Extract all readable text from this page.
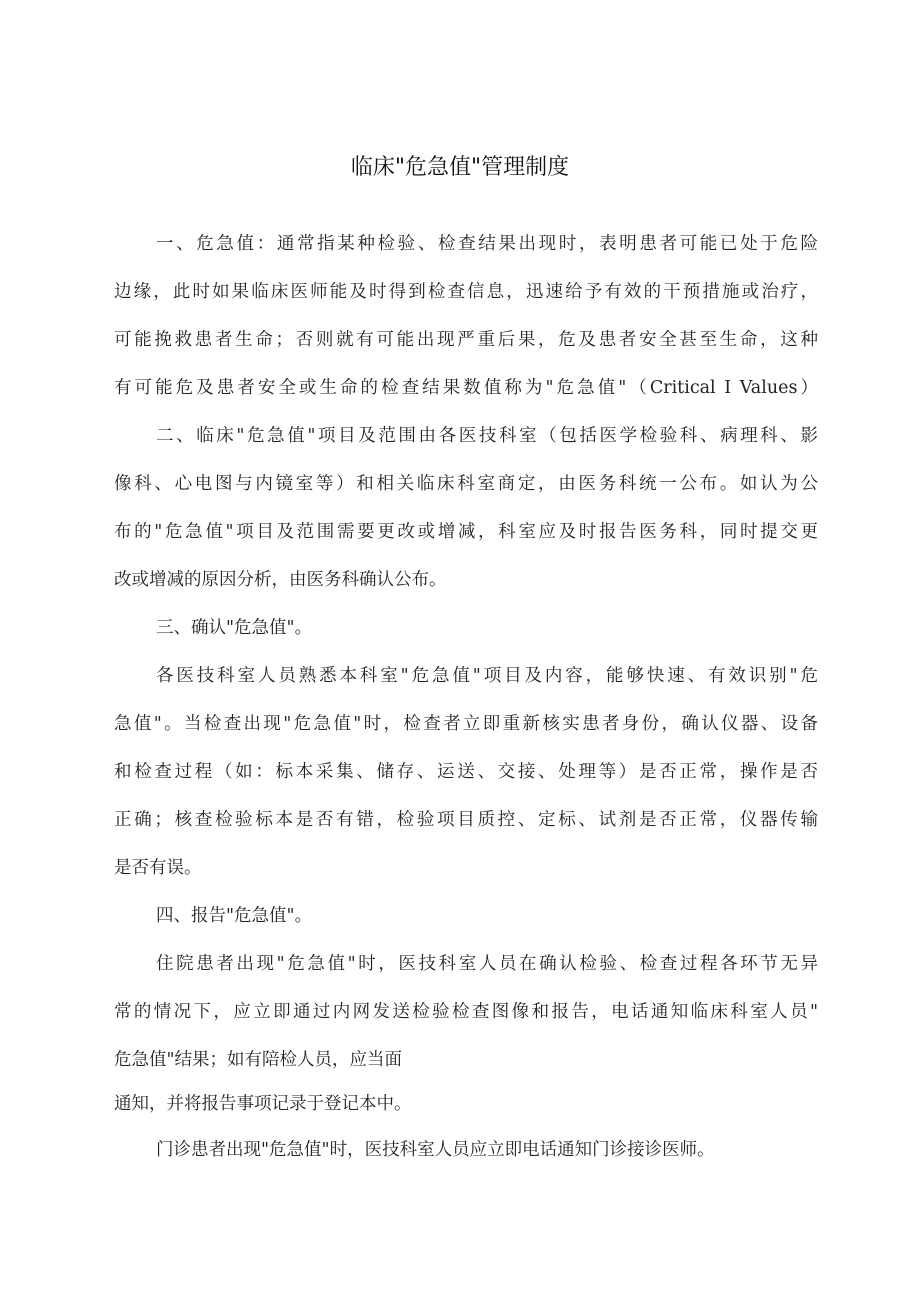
临床"危急值"管理制度
一、危急值：通常指某种检验、检查结果出现时，表明患者可能已处于危险
边缘，此时如果临床医师能及时得到检查信息，迅速给予有效的干预措施或治疗，
可能挽救患者生命；否则就有可能出现严重后果，危及患者安全甚至生命，这种
有可能危及患者安全或生命的检查结果数值称为"危急值"（Critical I Values）
二、临床"危急值"项目及范围由各医技科室（包括医学检验科、病理科、影
像科、心电图与内镜室等）和相关临床科室商定，由医务科统一公布。如认为公
布的"危急值"项目及范围需要更改或增减，科室应及时报告医务科，同时提交更
改或增减的原因分析，由医务科确认公布。
三、确认"危急值"。
各医技科室人员熟悉本科室"危急值"项目及内容，能够快速、有效识别"危
急值"。当检查出现"危急值"时，检查者立即重新核实患者身份，确认仪器、设备
和检查过程（如：标本采集、储存、运送、交接、处理等）是否正常，操作是否
正确；核查检验标本是否有错，检验项目质控、定标、试剂是否正常，仪器传输
是否有误。
四、报告"危急值"。
住院患者出现"危急值"时，医技科室人员在确认检验、检查过程各环节无异
常的情况下，应立即通过内网发送检验检查图像和报告，电话通知临床科室人员"
危急值"结果；如有陪检人员，应当面
通知，并将报告事项记录于登记本中。
门诊患者出现"危急值"时，医技科室人员应立即电话通知门诊接诊医师。
